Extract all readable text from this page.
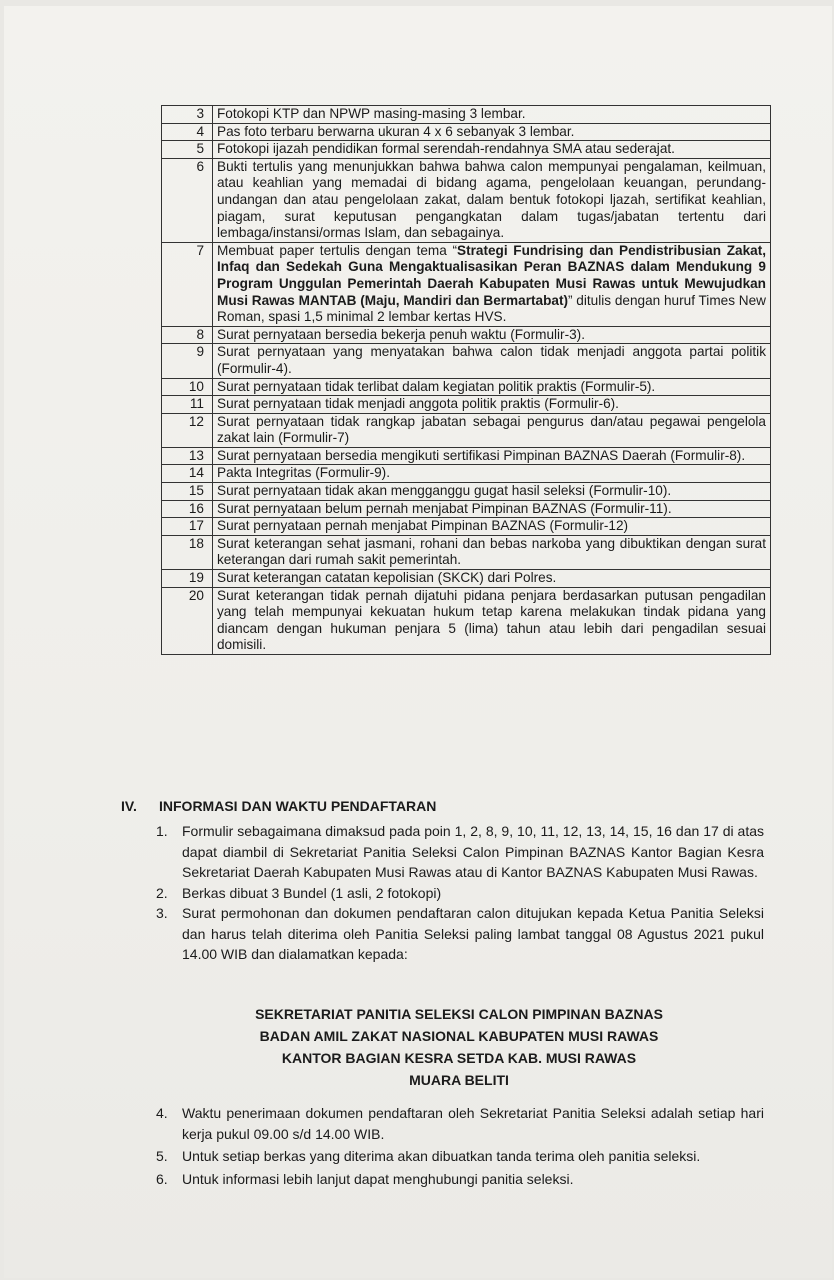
3	Fotokopi KTP dan NPWP masing-masing 3 lembar.
4	Pas foto terbaru berwarna ukuran 4 x 6 sebanyak 3 lembar.
5	Fotokopi ijazah pendidikan formal serendah-rendahnya SMA atau sederajat.
6	Bukti tertulis yang menunjukkan bahwa bahwa calon mempunyai pengalaman, keilmuan, atau keahlian yang memadai di bidang agama, pengelolaan keuangan, perundang-undangan dan atau pengelolaan zakat, dalam bentuk fotokopi ljazah, sertifikat keahlian, piagam, surat keputusan pengangkatan dalam tugas/jabatan tertentu dari lembaga/instansi/ormas Islam, dan sebagainya.
7	Membuat paper tertulis dengan tema “Strategi Fundrising dan Pendistribusian Zakat, Infaq dan Sedekah Guna Mengaktualisasikan Peran BAZNAS dalam Mendukung 9 Program Unggulan Pemerintah Daerah Kabupaten Musi Rawas untuk Mewujudkan Musi Rawas MANTAB (Maju, Mandiri dan Bermartabat)” ditulis dengan huruf Times New Roman, spasi 1,5 minimal 2 lembar kertas HVS.
8	Surat pernyataan bersedia bekerja penuh waktu (Formulir-3).
9	Surat pernyataan yang menyatakan bahwa calon tidak menjadi anggota partai politik (Formulir-4).
10	Surat pernyataan tidak terlibat dalam kegiatan politik praktis (Formulir-5).
11	Surat pernyataan tidak menjadi anggota politik praktis (Formulir-6).
12	Surat pernyataan tidak rangkap jabatan sebagai pengurus dan/atau pegawai pengelola zakat lain (Formulir-7)
13	Surat pernyataan bersedia mengikuti sertifikasi Pimpinan BAZNAS Daerah (Formulir-8).
14	Pakta Integritas (Formulir-9).
15	Surat pernyataan tidak akan mengganggu gugat hasil seleksi (Formulir-10).
16	Surat pernyataan belum pernah menjabat Pimpinan BAZNAS (Formulir-11).
17	Surat pernyataan pernah menjabat Pimpinan BAZNAS (Formulir-12)
18	Surat keterangan sehat jasmani, rohani dan bebas narkoba yang dibuktikan dengan surat keterangan dari rumah sakit pemerintah.
19	Surat keterangan catatan kepolisian (SKCK) dari Polres.
20	Surat keterangan tidak pernah dijatuhi pidana penjara berdasarkan putusan pengadilan yang telah mempunyai kekuatan hukum tetap karena melakukan tindak pidana yang diancam dengan hukuman penjara 5 (lima) tahun atau lebih dari pengadilan sesuai domisili.
IV. INFORMASI DAN WAKTU PENDAFTARAN
1. Formulir sebagaimana dimaksud pada poin 1, 2, 8, 9, 10, 11, 12, 13, 14, 15, 16 dan 17 di atas dapat diambil di Sekretariat Panitia Seleksi Calon Pimpinan BAZNAS Kantor Bagian Kesra Sekretariat Daerah Kabupaten Musi Rawas atau di Kantor BAZNAS Kabupaten Musi Rawas.
2. Berkas dibuat 3 Bundel (1 asli, 2 fotokopi)
3. Surat permohonan dan dokumen pendaftaran calon ditujukan kepada Ketua Panitia Seleksi dan harus telah diterima oleh Panitia Seleksi paling lambat tanggal 08 Agustus 2021 pukul 14.00 WIB dan dialamatkan kepada:
SEKRETARIAT PANITIA SELEKSI CALON PIMPINAN BAZNAS
BADAN AMIL ZAKAT NASIONAL KABUPATEN MUSI RAWAS
KANTOR BAGIAN KESRA SETDA KAB. MUSI RAWAS
MUARA BELITI
4. Waktu penerimaan dokumen pendaftaran oleh Sekretariat Panitia Seleksi adalah setiap hari kerja pukul 09.00 s/d 14.00 WIB.
5. Untuk setiap berkas yang diterima akan dibuatkan tanda terima oleh panitia seleksi.
6. Untuk informasi lebih lanjut dapat menghubungi panitia seleksi.
